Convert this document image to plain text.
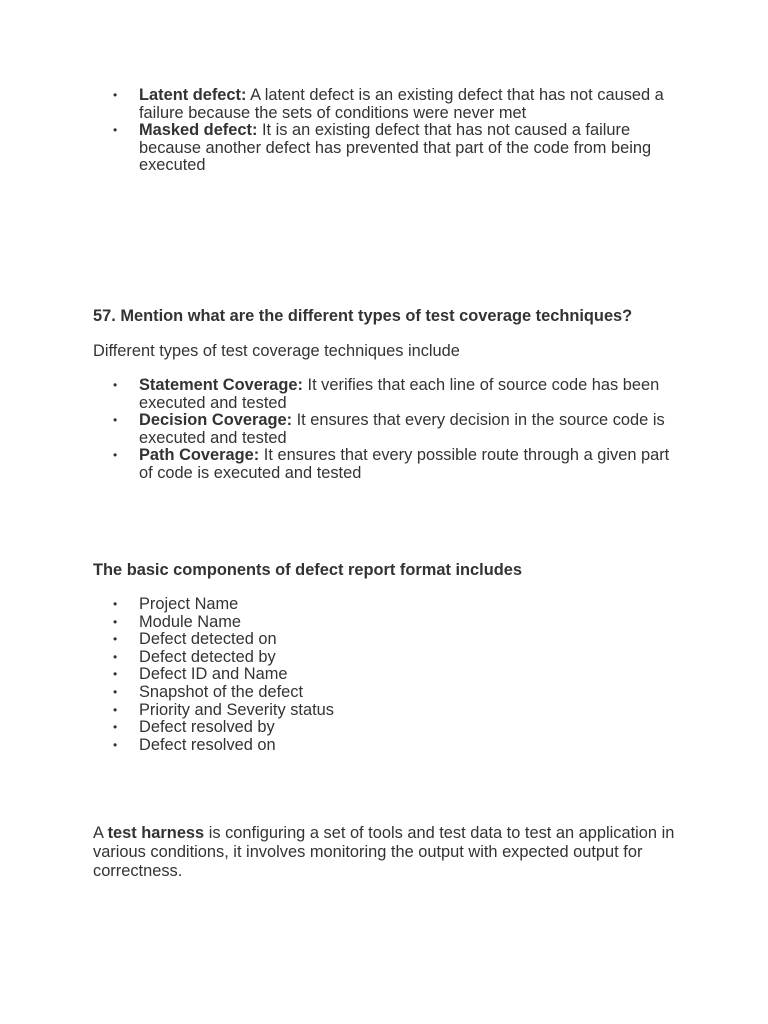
• Latent defect: A latent defect is an existing defect that has not caused a failure because the sets of conditions were never met
• Masked defect: It is an existing defect that has not caused a failure because another defect has prevented that part of the code from being executed
57. Mention what are the different types of test coverage techniques?
Different types of test coverage techniques include
• Statement Coverage: It verifies that each line of source code has been executed and tested
• Decision Coverage: It ensures that every decision in the source code is executed and tested
• Path Coverage: It ensures that every possible route through a given part of code is executed and tested
The basic components of defect report format includes
• Project Name
• Module Name
• Defect detected on
• Defect detected by
• Defect ID and Name
• Snapshot of the defect
• Priority and Severity status
• Defect resolved by
• Defect resolved on
A test harness is configuring a set of tools and test data to test an application in various conditions, it involves monitoring the output with expected output for correctness.
